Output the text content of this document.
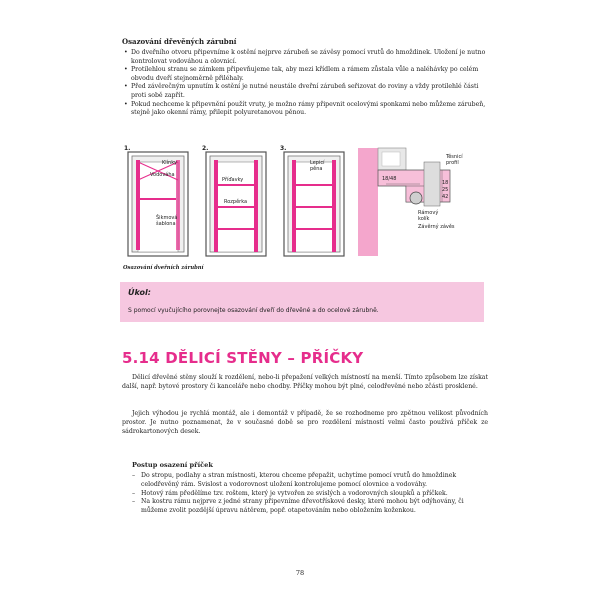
Osazování dřevěných zárubní
• Do dveřního otvoru připevníme k ostění nejprve zárubeň se závěsy pomocí vrutů do hmoždinek. Uložení je nutno kontrolovat vodováhou a olovnicí.
• Protilehlou stranu se zámkem připevňujeme tak, aby mezi křídlem a rámem zůstala vůle a naléhávky po celém obvodu dveří stejnoměrně přiléhaly.
• Před závěrečným upnutím k ostění je nutné neustále dveřní zárubeň seřizovat do roviny a vždy protilehlé části proti sobě zapřít.
• Pokud nechceme k připevnění použít vruty, je možno rámy připevnit ocelovými sponkami nebo můžeme zárubeň, stejně jako okenní rámy, přilepit polyuretanovou pěnou.
1.
Klínky
Vodováha
Šikmová
šablona
2.
Příďavky
Rozpěrka
3.
Lepicí
pěna
Těsnicí
profil
18/48
18
25
42
Rámový
kolík
Závěrný závěs
Osazování dveřních zárubní
Úkol:
S pomocí vyučujícího porovnejte osazování dveří do dřevěné a do ocelové zárubně.
5.14 DĚLICÍ STĚNY – PŘÍČKY
Dělicí dřevěné stěny slouží k rozdělení, nebo-li přepažení velkých místností na menší. Tímto způsobem lze získat další, např. bytové prostory či kanceláře nebo chodby. Příčky mohou být plné, celodřevěné nebo zčásti prosklené.
Jejich výhodou je rychlá montáž, ale i demontáž v případě, že se rozhodneme pro zpětnou velikost původních prostor. Je nutno poznamenat, že v současné době se pro rozdělení místností velmi často používá příček ze sádrokartonových desek.
Postup osazení příček
– Do stropu, podlahy a stran místnosti, kterou chceme přepažit, uchytíme pomocí vrutů do hmoždinek celodřevěný rám. Svislost a vodorovnost uložení kontrolujeme pomocí olovnice a vodováhy.
– Hotový rám předělíme tzv. roštem, který je vytvořen ze svislých a vodorovných sloupků a příčkek.
– Na kostru rámu nejprve z jedné strany připevníme dřevotřískové desky, které mohou být odýhovány, či můžeme zvolit pozdější úpravu nátěrem, popř. otapetováním nebo obložením koženkou.
78
